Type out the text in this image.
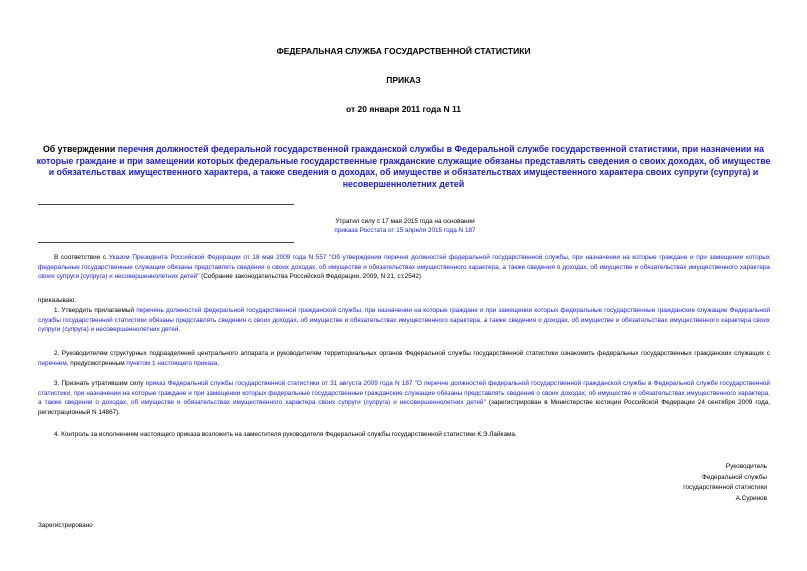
ФЕДЕРАЛЬНАЯ СЛУЖБА ГОСУДАРСТВЕННОЙ СТАТИСТИКИ
ПРИКАЗ
от 20 января 2011 года N 11
Об утверждении перечня должностей федеральной государственной гражданской службы в Федеральной службе государственной статистики, при назначении на которые граждане и при замещении которых федеральные государственные гражданские служащие обязаны представлять сведения о своих доходах, об имуществе и обязательствах имущественного характера, а также сведения о доходах, об имуществе и обязательствах имущественного характера своих супруги (супруга) и несовершеннолетних детей
Утратил силу с 17 мая 2015 года на основании
приказа Росстата от 15 апреля 2015 года N 187
В соответствии с Указом Президента Российской Федерации от 18 мая 2009 года N 557 "Об утверждении перечня должностей федеральной государственной службы, при назначении на которые граждане и при замещении которых федеральные государственные служащие обязаны представлять сведения о своих доходах, об имуществе и обязательствах имущественного характера, а также сведения о доходах, об имуществе и обязательствах имущественного характера своих супруги (супруга) и несовершеннолетних детей" (Собрание законодательства Российской Федерации, 2009, N 21, ст.2542)
приказываю:
1. Утвердить прилагаемый перечень должностей федеральной государственной гражданской службы, при назначении на которые граждане и при замещении которых федеральные государственные гражданские служащие Федеральной службы государственной статистики обязаны представлять сведения о своих доходах, об имуществе и обязательствах имущественного характера, а также сведения о доходах, об имуществе и обязательствах имущественного характера своих супруги (супруга) и несовершеннолетних детей.
2. Руководителям структурных подразделений центрального аппарата и руководителям территориальных органов Федеральной службы государственной статистики ознакомить федеральных государственных гражданских служащих с перечнем, предусмотренным пунктом 1 настоящего приказа.
3. Признать утратившим силу приказ Федеральной службы государственной статистики от 31 августа 2009 года N 187 "О перечне должностей федеральной государственной гражданской службы в Федеральной службе государственной статистики, при назначении на которые граждане и при замещении которых федеральные государственные гражданские служащие обязаны представлять сведения о своих доходах, об имуществе и обязательствах имущественного характера, а также сведения о доходах, об имуществе и обязательствах имущественного характера своих супруги (супруга) и несовершеннолетних детей" (зарегистрирован в Министерстве юстиции Российской Федерации 24 сентября 2009 года, регистрационный N 14867).
4. Контроль за исполнением настоящего приказа возложить на заместителя руководителя Федеральной службы государственной статистики К.Э.Лайкама.
Руководитель
Федеральной службы
государственной статистики
А.Суринов
Зарегистрировано
